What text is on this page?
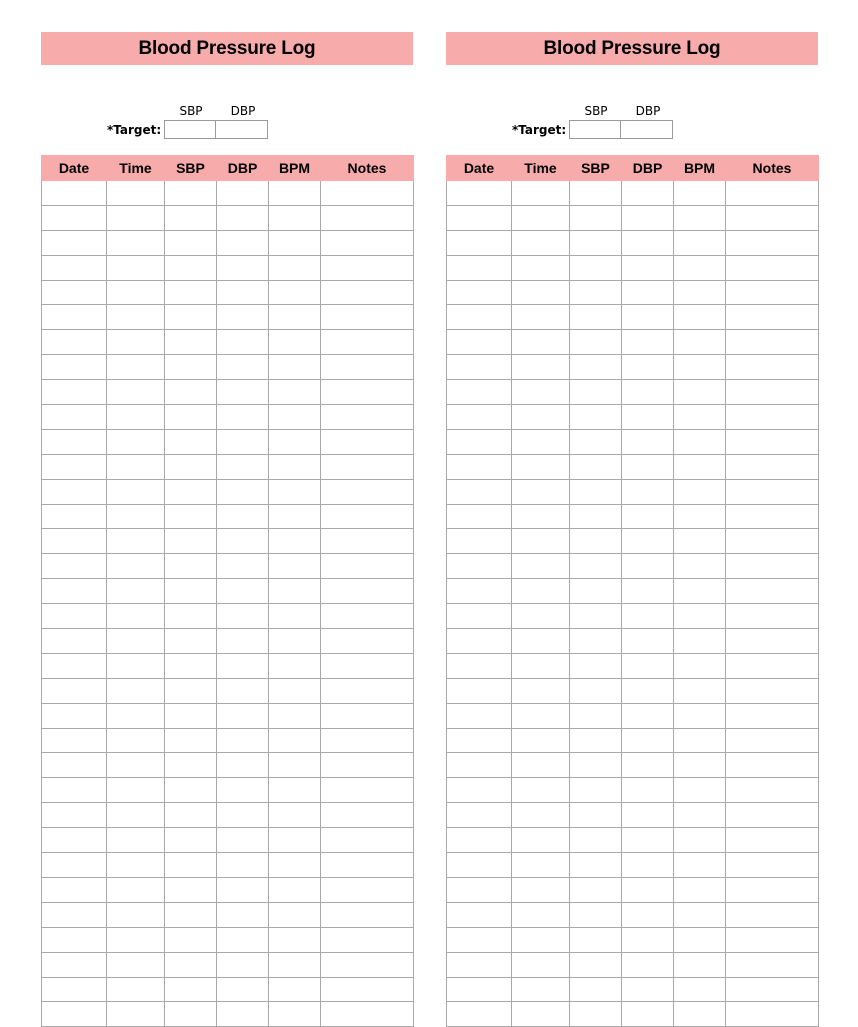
Blood Pressure Log
SBP	DBP
*Target:
Date	Time	SBP	DBP	BPM	Notes

Blood Pressure Log
SBP	DBP
*Target:
Date	Time	SBP	DBP	BPM	Notes
